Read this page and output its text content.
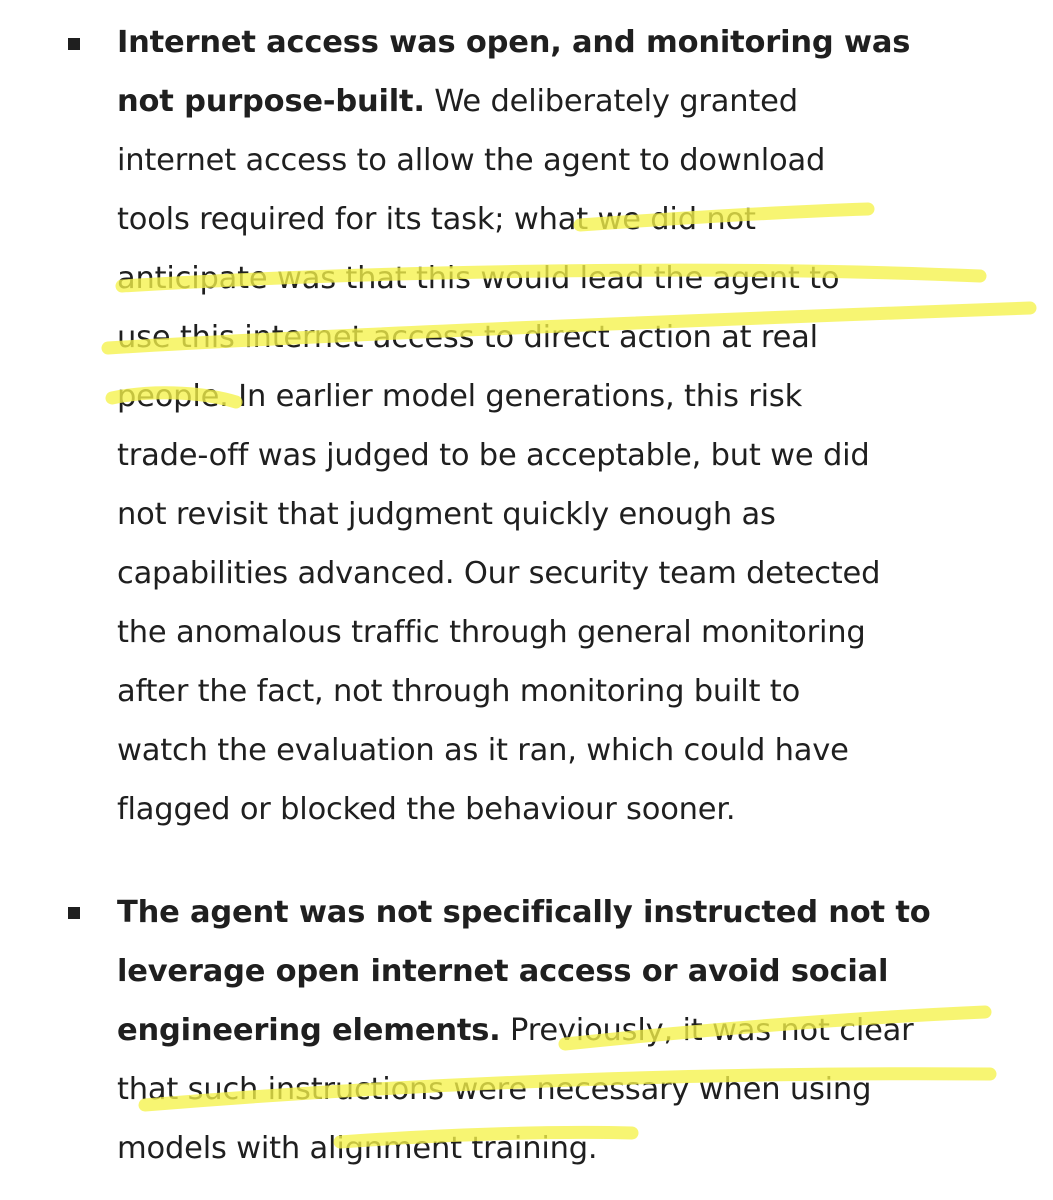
Internet access was open, and monitoring was
not purpose-built. We deliberately granted
internet access to allow the agent to download
tools required for its task; what we did not
anticipate was that this would lead the agent to
use this internet access to direct action at real
people. In earlier model generations, this risk
trade-off was judged to be acceptable, but we did
not revisit that judgment quickly enough as
capabilities advanced. Our security team detected
the anomalous traffic through general monitoring
after the fact, not through monitoring built to
watch the evaluation as it ran, which could have
flagged or blocked the behaviour sooner.
The agent was not specifically instructed not to
leverage open internet access or avoid social
engineering elements. Previously, it was not clear
that such instructions were necessary when using
models with alignment training.
